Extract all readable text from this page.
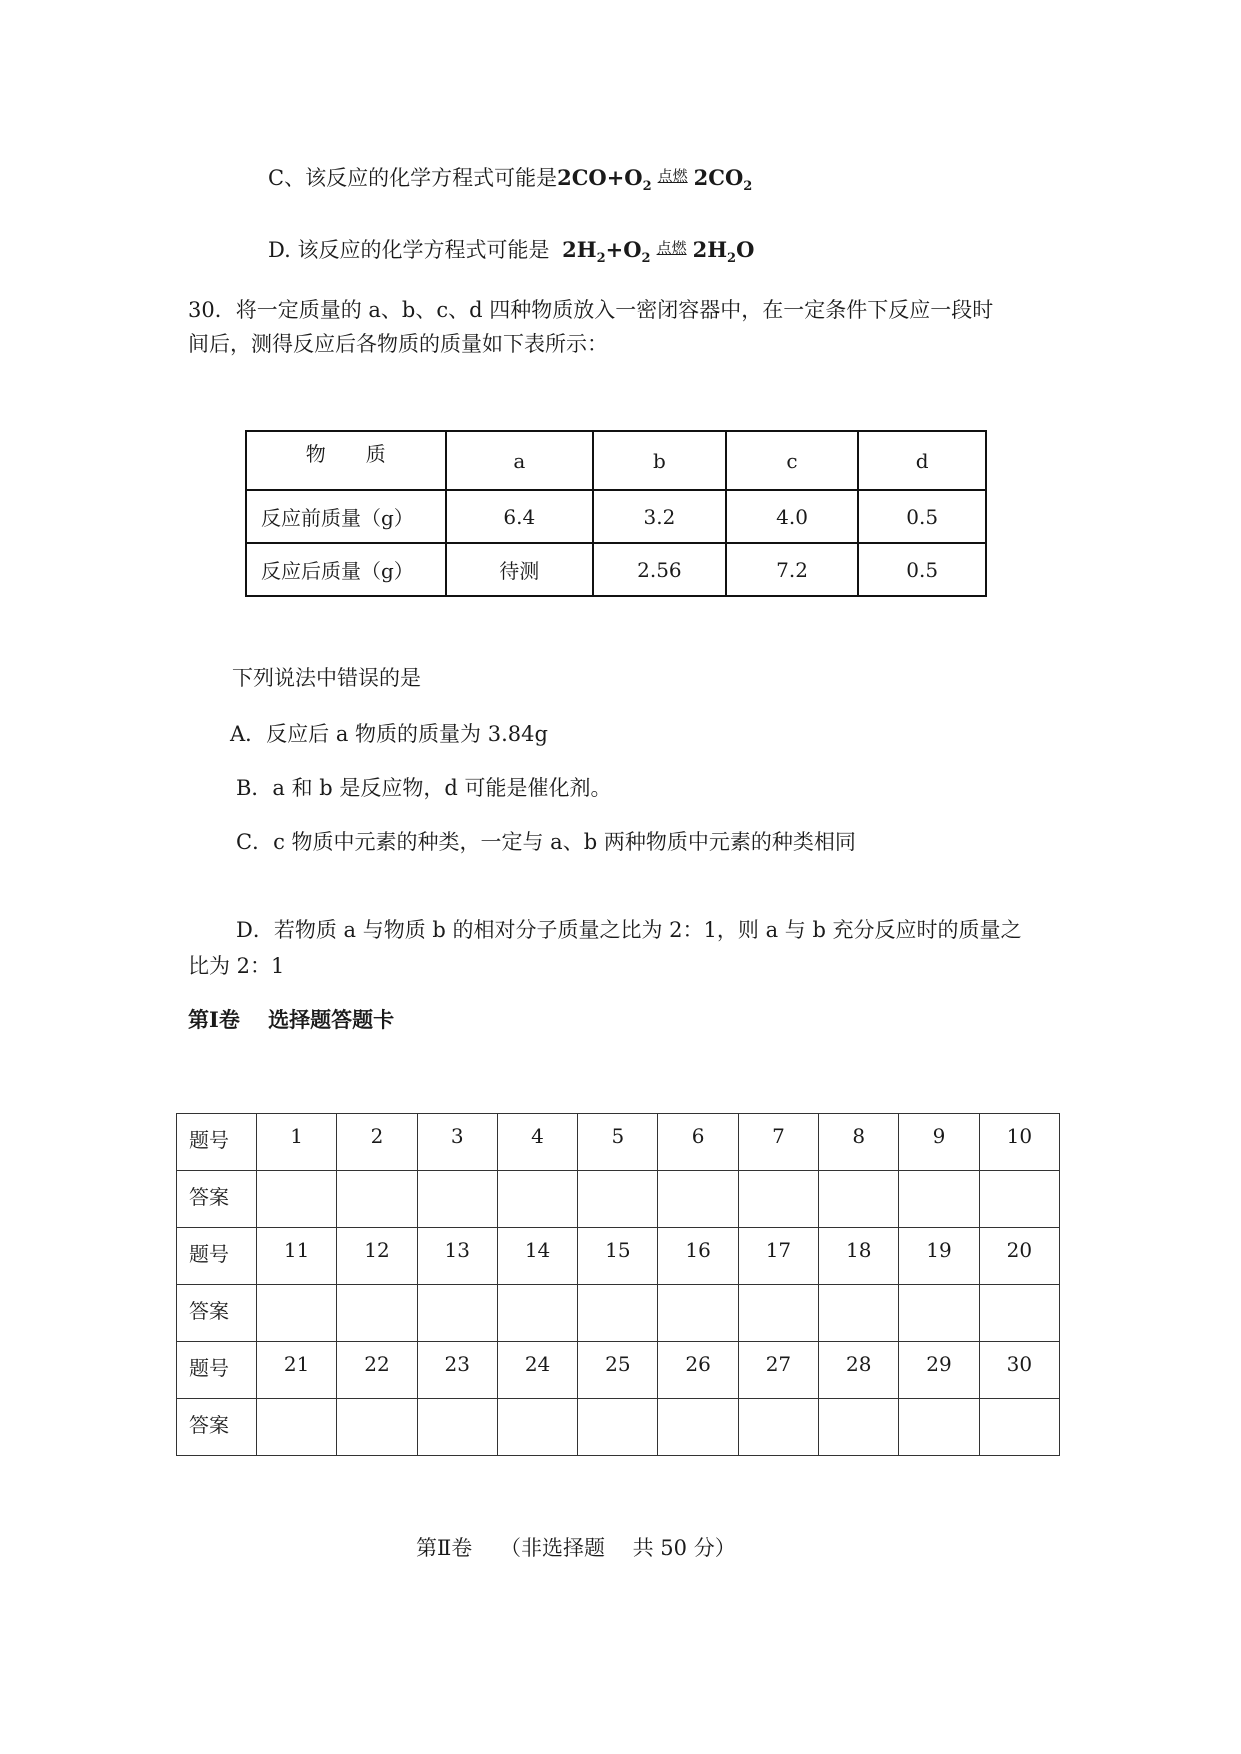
C、该反应的化学方程式可能是$2CO+O_2$点燃 $2CO_2$
D. 该反应的化学方程式可能是 $2H_2+O_2$点燃 $2H_2O$
30．将一定质量的 a、b、c、d 四种物质放入一密闭容器中，在一定条件下反应一段时
间后，测得反应后各物质的质量如下表所示：
物　　质	a	b	c	d
反应前质量（g）	6.4	3.2	4.0	0.5
反应后质量（g）	待测	2.56	7.2	0.5
下列说法中错误的是
A．反应后 a 物质的质量为 3.84g
B．a 和 b 是反应物，d 可能是催化剂。
C．c 物质中元素的种类，一定与 a、b 两种物质中元素的种类相同
D．若物质 a 与物质 b 的相对分子质量之比为 2：1，则 a 与 b 充分反应时的质量之
比为 2：1
第Ⅰ卷　 选择题答题卡
题号	1	2	3	4	5	6	7	8	9	10
答案										
题号	11	12	13	14	15	16	17	18	19	20
答案										
题号	21	22	23	24	25	26	27	28	29	30
答案										
第Ⅱ卷　 （非选择题　 共 50 分）
